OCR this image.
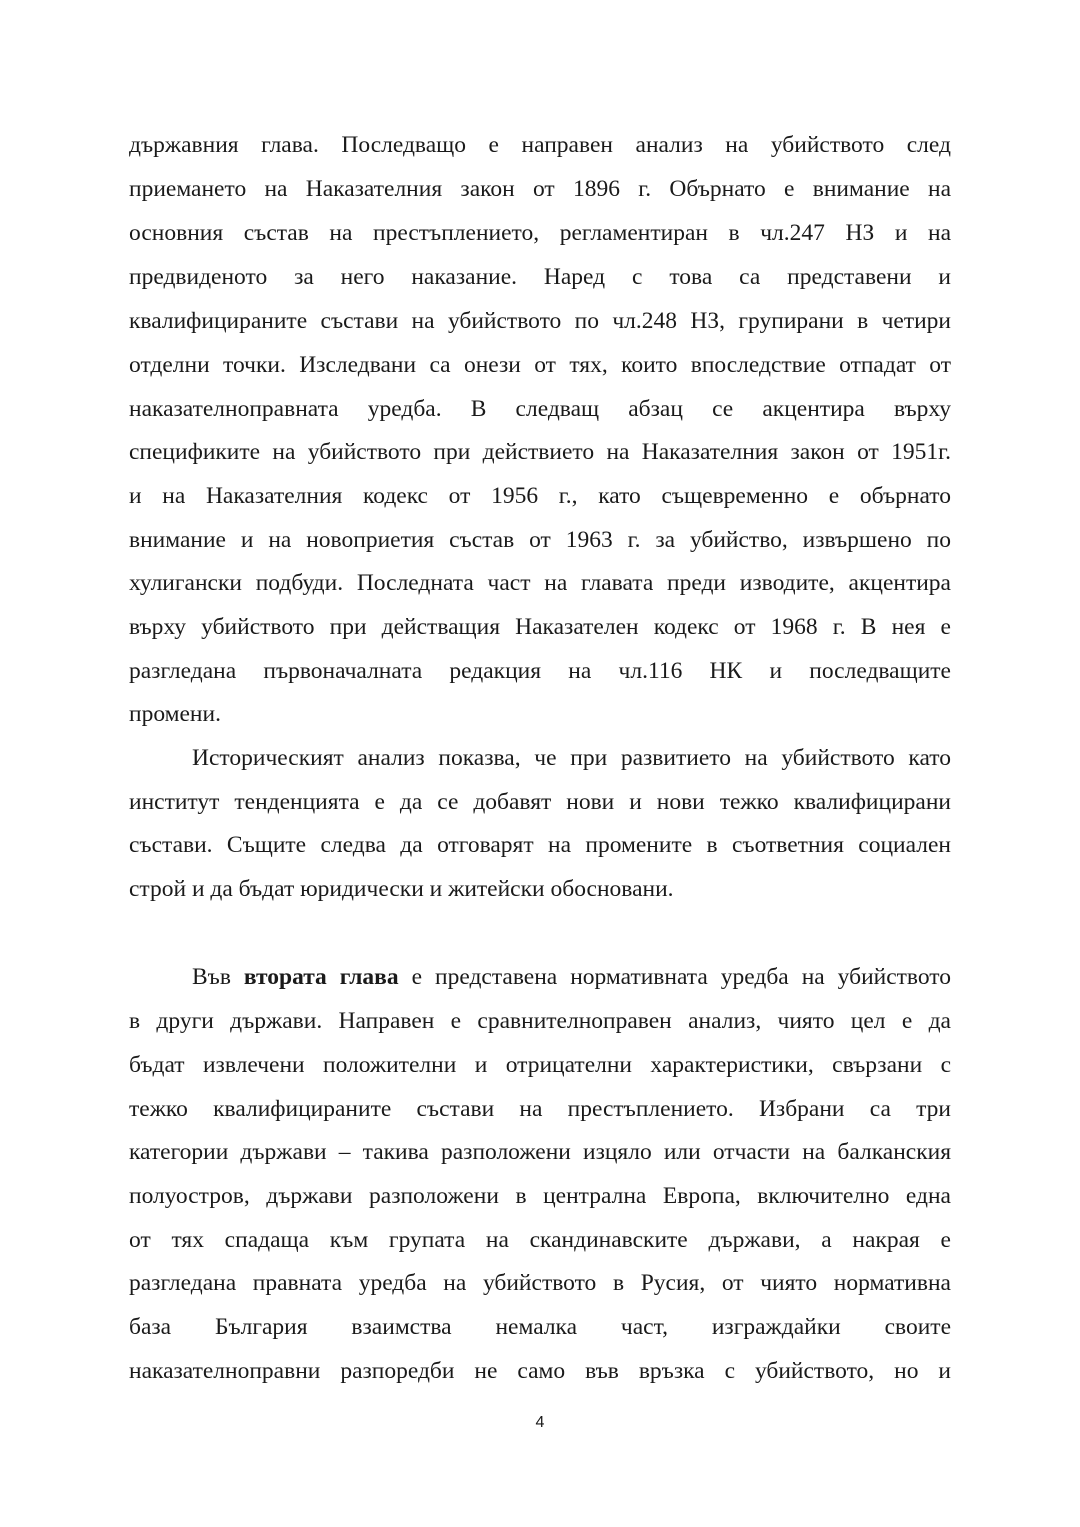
държавния глава. Последващо е направен анализ на убийството след
приемането на Наказателния закон от 1896 г. Обърнато е внимание на
основния състав на престъплението, регламентиран в чл.247 НЗ и на
предвиденото за него наказание. Наред с това са представени и
квалифицираните състави на убийството по чл.248 НЗ, групирани в четири
отделни точки. Изследвани са онези от тях, които впоследствие отпадат от
наказателноправната уредба. В следващ абзац се акцентира върху
спецификите на убийството при действието на Наказателния закон от 1951г.
и на Наказателния кодекс от 1956 г., като същевременно е обърнато
внимание и на новоприетия състав от 1963 г. за убийство, извършено по
хулигански подбуди. Последната част на главата преди изводите, акцентира
върху убийството при действащия Наказателен кодекс от 1968 г. В нея е
разгледана първоначалната редакция на чл.116 НК и последващите
промени.
Историческият анализ показва, че при развитието на убийството като
институт тенденцията е да се добавят нови и нови тежко квалифицирани
състави. Същите следва да отговарят на промените в съответния социален
строй и да бъдат юридически и житейски обосновани.
Във втората глава е представена нормативната уредба на убийството
в други държави. Направен е сравнителноправен анализ, чиято цел е да
бъдат извлечени положителни и отрицателни характеристики, свързани с
тежко квалифицираните състави на престъплението. Избрани са три
категории държави – такива разположени изцяло или отчасти на балканския
полуостров, държави разположени в централна Европа, включително една
от тях спадаща към групата на скандинавските държави, а накрая е
разгледана правната уредба на убийството в Русия, от чиято нормативна
база България взаимства немалка част, изграждайки своите
наказателноправни разпоредби не само във връзка с убийството, но и
4
